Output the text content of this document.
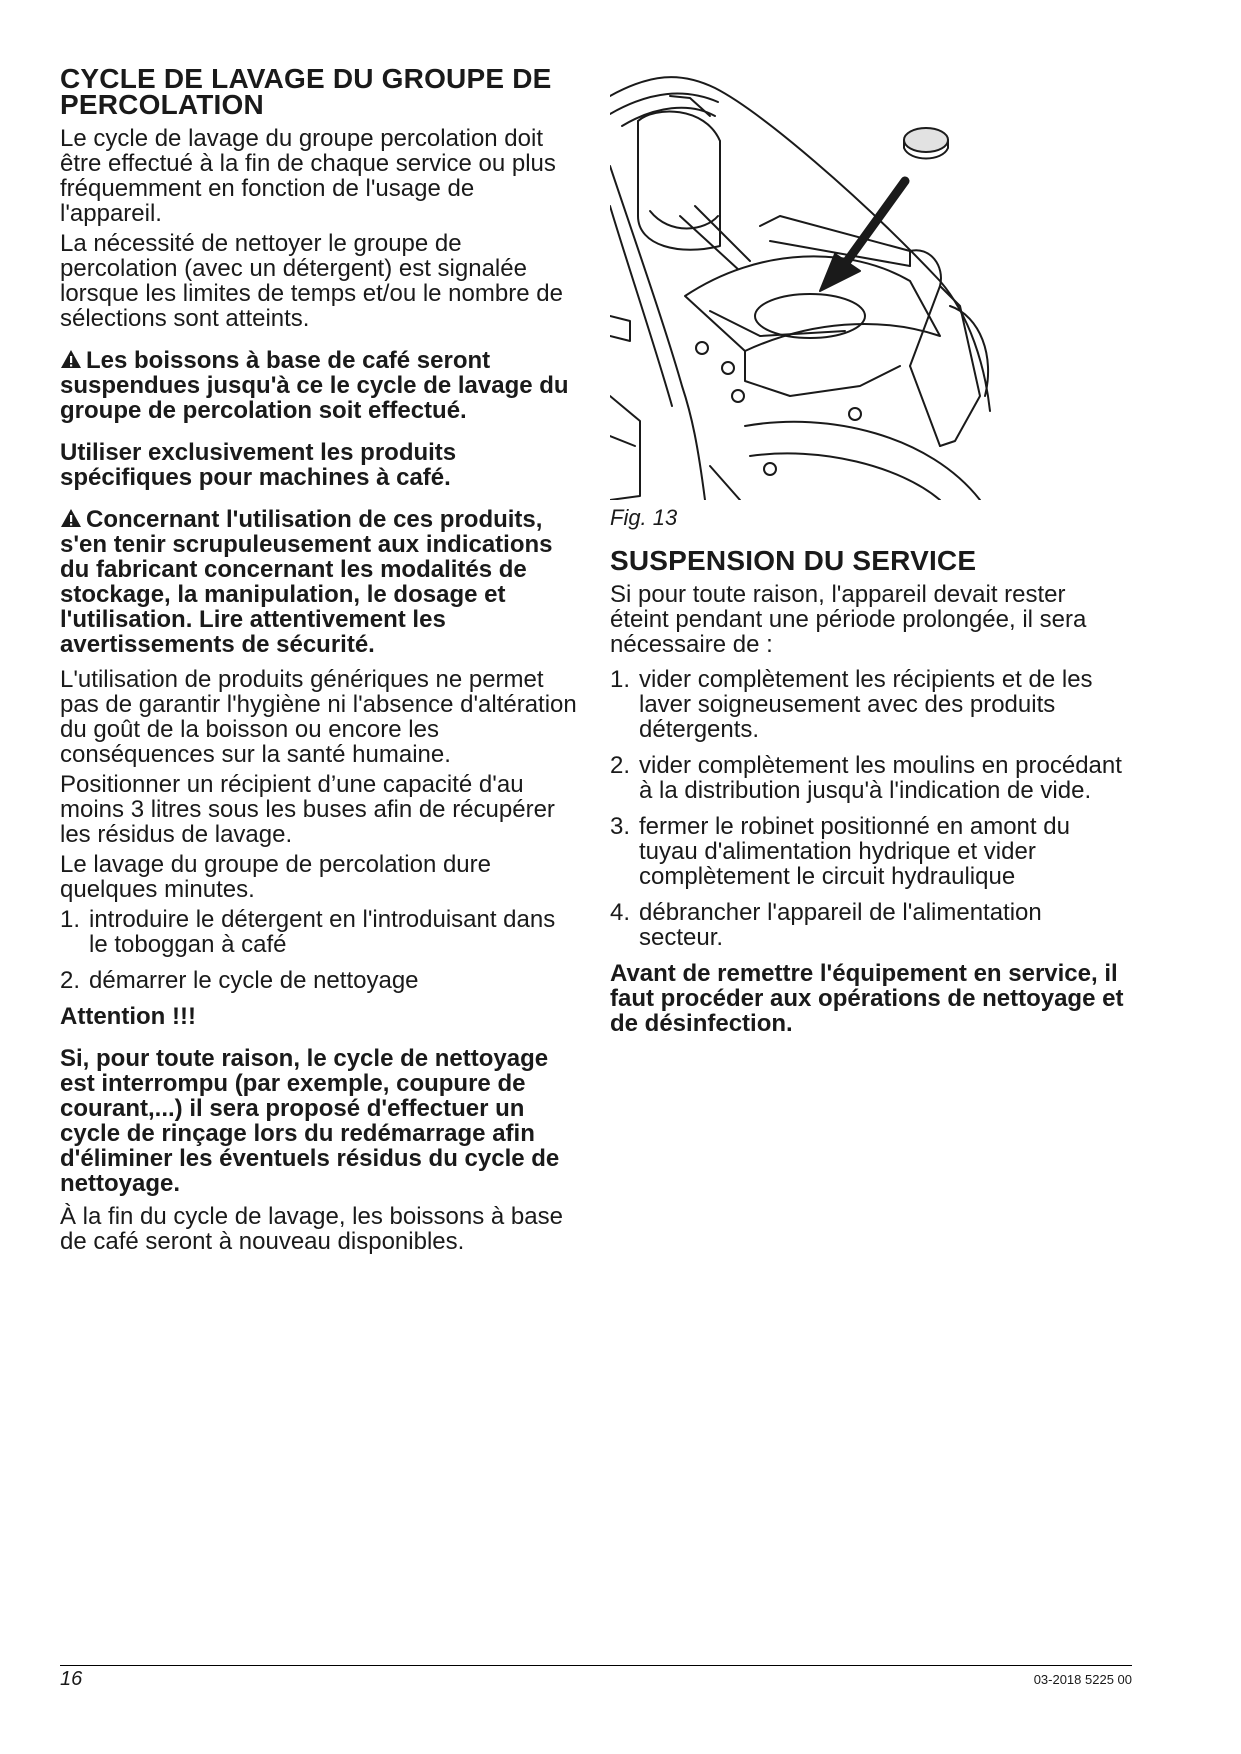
CYCLE DE LAVAGE DU GROUPE DE PERCOLATION

Le cycle de lavage du groupe percolation doit être effectué à la fin de chaque service ou plus fréquemment en fonction de l'usage de l'appareil.

La nécessité de nettoyer le groupe de percolation (avec un détergent) est signalée lorsque les limites de temps et/ou le nombre de sélections sont atteints.

Les boissons à base de café seront suspendues jusqu'à ce le cycle de lavage du groupe de percolation soit effectué.

Utiliser exclusivement les produits spécifiques pour machines à café.

Concernant l'utilisation de ces produits, s'en tenir scrupuleusement aux indications du fabricant concernant les modalités de stockage, la manipulation, le dosage et l'utilisation. Lire attentivement les avertissements de sécurité.

L'utilisation de produits génériques ne permet pas de garantir l'hygiène ni l'absence d'altération du goût de la boisson ou encore les conséquences sur la santé humaine.

Positionner un récipient d’une capacité d'au moins 3 litres sous les buses afin de récupérer les résidus de lavage.

Le lavage du groupe de percolation dure quelques minutes.

1. introduire le détergent en l'introduisant dans le toboggan à café
2. démarrer le cycle de nettoyage

Attention !!!

Si, pour toute raison, le cycle de nettoyage est interrompu (par exemple, coupure de courant,...) il sera proposé d'effectuer un cycle de rinçage lors du redémarrage afin d'éliminer les éventuels résidus du cycle de nettoyage.

À la fin du cycle de lavage, les boissons à base de café seront à nouveau disponibles.

Fig. 13

SUSPENSION DU SERVICE

Si pour toute raison, l'appareil devait rester éteint pendant une période prolongée, il sera nécessaire de :

1. vider complètement les récipients et de les laver soigneusement avec des produits détergents.
2. vider complètement les moulins en procédant à la distribution jusqu'à l'indication de vide.
3. fermer le robinet positionné en amont du tuyau d'alimentation hydrique et vider complètement le circuit hydraulique
4. débrancher l'appareil de l'alimentation secteur.

Avant de remettre l'équipement en service, il faut procéder aux opérations de nettoyage et de désinfection.

16	03-2018 5225 00
